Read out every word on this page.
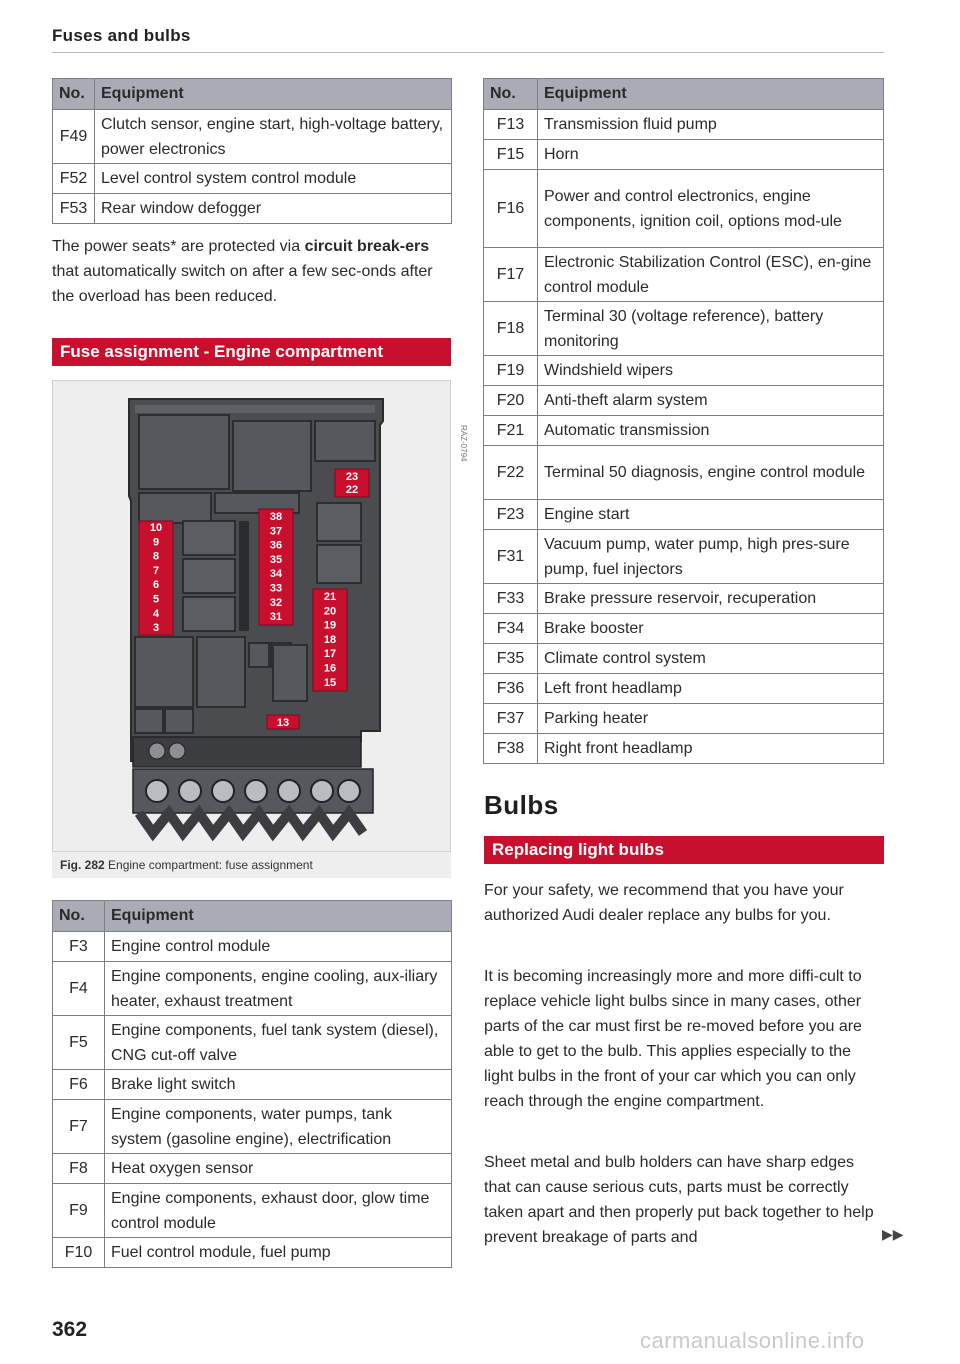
Fuses and bulbs
No.	Equipment
F49	Clutch sensor, engine start, high-voltage battery, power electronics
F52	Level control system control module
F53	Rear window defogger
The power seats* are protected via circuit break-ers that automatically switch on after a few sec-onds after the overload has been reduced.
Fuse assignment - Engine compartment
10
9
8
7
6
5
4
3
38
37
36
35
34
33
32
31
21
20
19
18
17
16
15
23
22
13
RAZ-0794
Fig. 282 Engine compartment: fuse assignment
No.	Equipment
F3	Engine control module
F4	Engine components, engine cooling, aux-iliary heater, exhaust treatment
F5	Engine components, fuel tank system (diesel), CNG cut-off valve
F6	Brake light switch
F7	Engine components, water pumps, tank system (gasoline engine), electrification
F8	Heat oxygen sensor
F9	Engine components, exhaust door, glow time control module
F10	Fuel control module, fuel pump
No.	Equipment
F13	Transmission fluid pump
F15	Horn
F16	Power and control electronics, engine components, ignition coil, options mod-ule
F17	Electronic Stabilization Control (ESC), en-gine control module
F18	Terminal 30 (voltage reference), battery monitoring
F19	Windshield wipers
F20	Anti-theft alarm system
F21	Automatic transmission
F22	Terminal 50 diagnosis, engine control module
F23	Engine start
F31	Vacuum pump, water pump, high pres-sure pump, fuel injectors
F33	Brake pressure reservoir, recuperation
F34	Brake booster
F35	Climate control system
F36	Left front headlamp
F37	Parking heater
F38	Right front headlamp
Bulbs
Replacing light bulbs
For your safety, we recommend that you have your authorized Audi dealer replace any bulbs for you.
It is becoming increasingly more and more diffi-cult to replace vehicle light bulbs since in many cases, other parts of the car must first be re-moved before you are able to get to the bulb. This applies especially to the light bulbs in the front of your car which you can only reach through the engine compartment.
Sheet metal and bulb holders can have sharp edges that can cause serious cuts, parts must be correctly taken apart and then properly put back together to help prevent breakage of parts and	▶▶
362	carmanualsonline.info
